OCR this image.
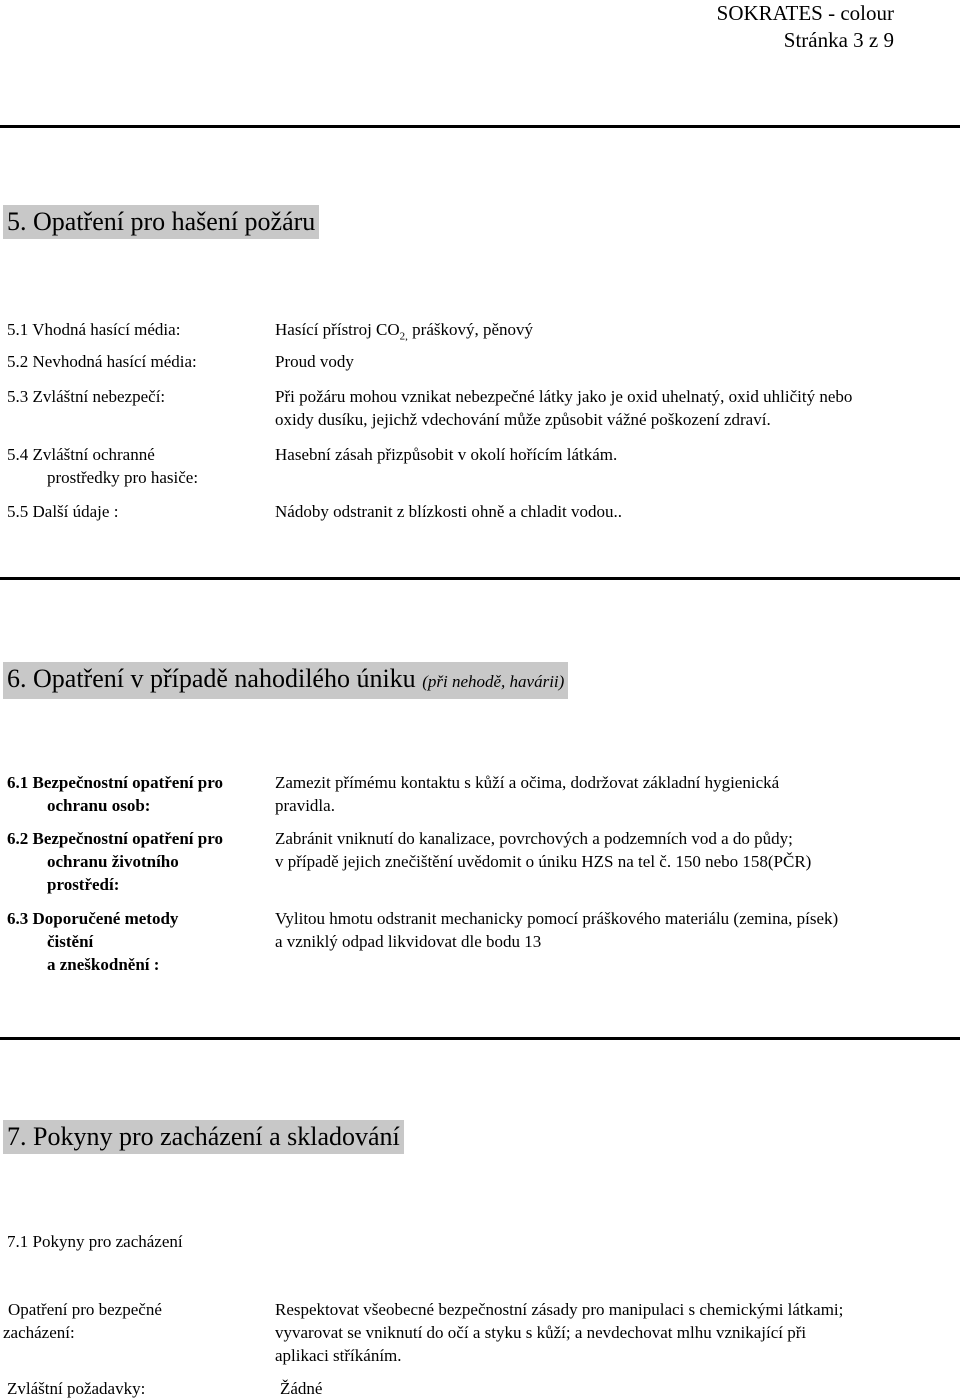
SOKRATES - colour
Stránka 3 z 9
5. Opatření pro hašení požáru
5.1 Vhodná hasící média:	Hasící přístroj $CO_{2,}$ práškový, pěnový
5.2 Nevhodná hasící média:	Proud vody
5.3 Zvláštní nebezpečí:	Při požáru mohou vznikat nebezpečné látky jako je oxid uhelnatý, oxid uhličitý nebo
oxidy dusíku, jejichž vdechování může způsobit vážné poškození zdraví.
5.4 Zvláštní ochranné
prostředky pro hasiče:
Hasební zásah přizpůsobit v okolí hořícím látkám.
5.5 Další údaje :	Nádoby odstranit z blízkosti ohně a chladit vodou..
6. Opatření v případě nahodilého úniku (při nehodě, havárii)
6.1 Bezpečnostní opatření pro
ochranu osob:
Zamezit přímému kontaktu s kůží a očima, dodržovat základní hygienická
pravidla.
6.2 Bezpečnostní opatření pro
ochranu životního
prostředí:
Zabránit vniknutí do kanalizace, povrchových a podzemních vod a do půdy;
v případě jejich znečištění uvědomit o úniku HZS na tel č. 150 nebo 158(PČR)
6.3 Doporučené metody
čistění
a zneškodnění :
Vylitou hmotu odstranit mechanicky pomocí práškového materiálu (zemina, písek)
a vzniklý odpad likvidovat dle bodu 13
7. Pokyny pro zacházení a skladování
7.1 Pokyny pro zacházení
Opatření pro bezpečné
zacházení:
Respektovat všeobecné bezpečnostní zásady pro manipulaci s chemickými látkami;
vyvarovat se vniknutí do očí a styku s kůží; a nevdechovat mlhu vznikající při
aplikaci stříkáním.
Zvláštní požadavky:	Žádné
